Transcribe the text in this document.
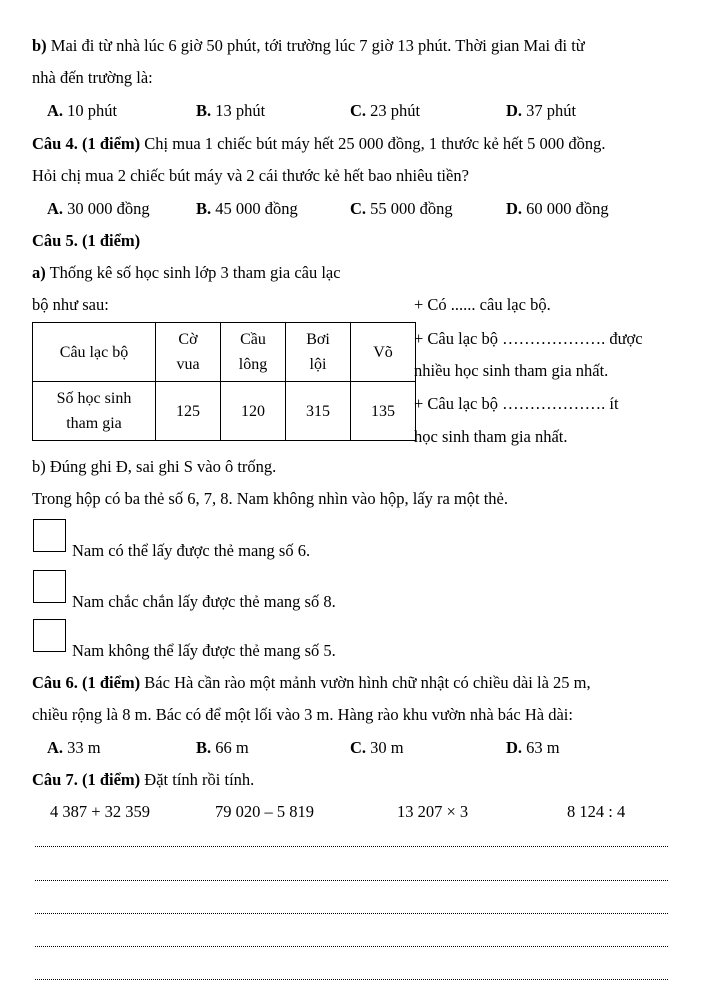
b) Mai đi từ nhà lúc 6 giờ 50 phút, tới trường lúc 7 giờ 13 phút. Thời gian Mai đi từ
nhà đến trường là:
A. 10 phút	B. 13 phút	C. 23 phút	D. 37 phút
Câu 4. (1 điểm) Chị mua 1 chiếc bút máy hết 25 000 đồng, 1 thước kẻ hết 5 000 đồng.
Hỏi chị mua 2 chiếc bút máy và 2 cái thước kẻ hết bao nhiêu tiền?
A. 30 000 đồng	B. 45 000 đồng	C. 55 000 đồng	D. 60 000 đồng
Câu 5. (1 điểm)
a) Thống kê số học sinh lớp 3 tham gia câu lạc
bộ như sau:
Câu lạc bộ	Cờ vua	Cầu lông	Bơi lội	Võ

Số học sinh tham gia	125	120	315	135
+ Có ...... câu lạc bộ.
+ Câu lạc bộ ………………. được
nhiều học sinh tham gia nhất.
+ Câu lạc bộ ………………. ít
học sinh tham gia nhất.
b) Đúng ghi Đ, sai ghi S vào ô trống.
Trong hộp có ba thẻ số 6, 7, 8. Nam không nhìn vào hộp, lấy ra một thẻ.
Nam có thể lấy được thẻ mang số 6.
Nam chắc chắn lấy được thẻ mang số 8.
Nam không thể lấy được thẻ mang số 5.
Câu 6. (1 điểm) Bác Hà cần rào một mảnh vườn hình chữ nhật có chiều dài là 25 m,
chiều rộng là 8 m. Bác có để một lối vào 3 m. Hàng rào khu vườn nhà bác Hà dài:
A. 33 m	B. 66 m	C. 30 m	D. 63 m
Câu 7. (1 điểm) Đặt tính rồi tính.
4 387 + 32 359	79 020 – 5 819	13 207 × 3	8 124 : 4
